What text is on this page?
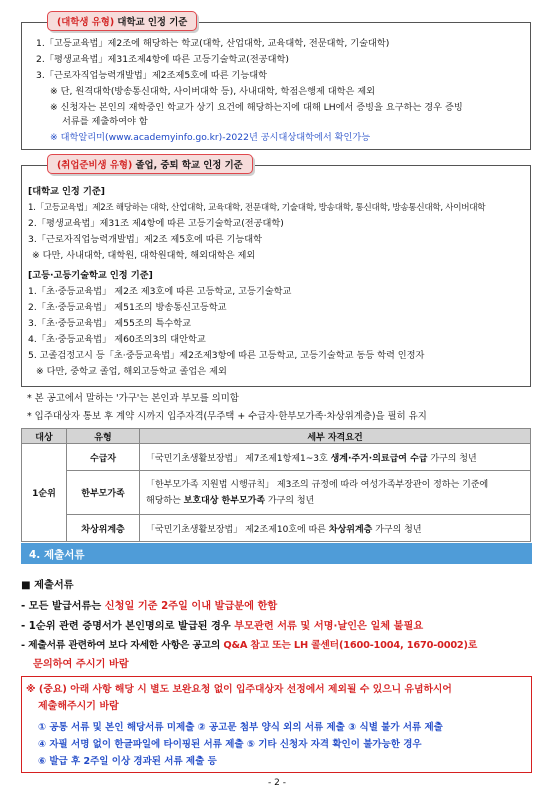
(대학생 유형) 대학교 인정 기준
1.「고등교육법」제2조에 해당하는 학교(대학, 산업대학, 교육대학, 전문대학, 기술대학)
2.「평생교육법」제31조제4항에 따른 고등기술학교(전공대학)
3.「근로자직업능력개발법」제2조제5호에 따른 기능대학
※ 단, 원격대학(방송통신대학, 사이버대학 등), 사내대학, 학점은행제 대학은 제외
※ 신청자는 본인의 재학중인 학교가 상기 요건에 해당하는지에 대해 LH에서 증빙을 요구하는 경우 증빙
서류를 제출하여야 함
※ 대학알리미(www.academyinfo.go.kr)-2022년 공시대상대학에서 확인가능
(취업준비생 유형) 졸업, 중퇴 학교 인정 기준
[대학교 인정 기준]
1.「고등교육법」제2조 해당하는 대학, 산업대학, 교육대학, 전문대학, 기술대학, 방송대학, 통신대학, 방송통신대학, 사이버대학
2.「평생교육법」제31조 제4항에 따른 고등기술학교(전공대학)
3.「근로자직업능력개발법」제2조 제5호에 따른 기능대학
※ 다만, 사내대학, 대학원, 대학원대학, 해외대학은 제외
[고등·고등기술학교 인정 기준]
1.「초·중등교육법」 제2조 제3호에 따른 고등학교, 고등기술학교
2.「초·중등교육법」 제51조의 방송통신고등학교
3.「초·중등교육법」 제55조의 특수학교
4.「초·중등교육법」 제60조의3의 대안학교
5. 고졸검정고시 등「초·중등교육법」제2조제3항에 따른 고등학교, 고등기술학교 동등 학력 인정자
※ 다만, 중학교 졸업, 해외고등학교 졸업은 제외
* 본 공고에서 말하는 '가구'는 본인과 부모를 의미함
* 입주대상자 통보 후 계약 시까지 입주자격(무주택 + 수급자·한부모가족·차상위계층)을 필히 유지
대상	유형	세부 자격요건
1순위	수급자	「국민기초생활보장법」 제7조제1항제1~3호 생계·주거·의료급여 수급 가구의 청년
	한부모가족	「한부모가족 지원법 시행규칙」 제3조의 규정에 따라 여성가족부장관이 정하는 기준에
해당하는 보호대상 한부모가족 가구의 청년

	차상위계층	「국민기초생활보장법」 제2조제10호에 따른 차상위계층 가구의 청년
4. 제출서류
■ 제출서류
- 모든 발급서류는 신청일 기준 2주일 이내 발급분에 한함
- 1순위 관련 증명서가 본인명의로 발급된 경우 부모관련 서류 및 서명·날인은 일체 불필요
- 제출서류 관련하여 보다 자세한 사항은 공고의 Q&A 참고 또는 LH 콜센터(1600-1004, 1670-0002)로
문의하여 주시기 바람
※ (중요) 아래 사항 해당 시 별도 보완요청 없이 입주대상자 선정에서 제외될 수 있으니 유념하시어
제출해주시기 바람
① 공통 서류 및 본인 해당서류 미제출 ② 공고문 첨부 양식 외의 서류 제출 ③ 식별 불가 서류 제출
④ 자필 서명 없이 한글파일에 타이핑된 서류 제출 ⑤ 기타 신청자 자격 확인이 불가능한 경우
⑥ 발급 후 2주일 이상 경과된 서류 제출 등
- 2 -
